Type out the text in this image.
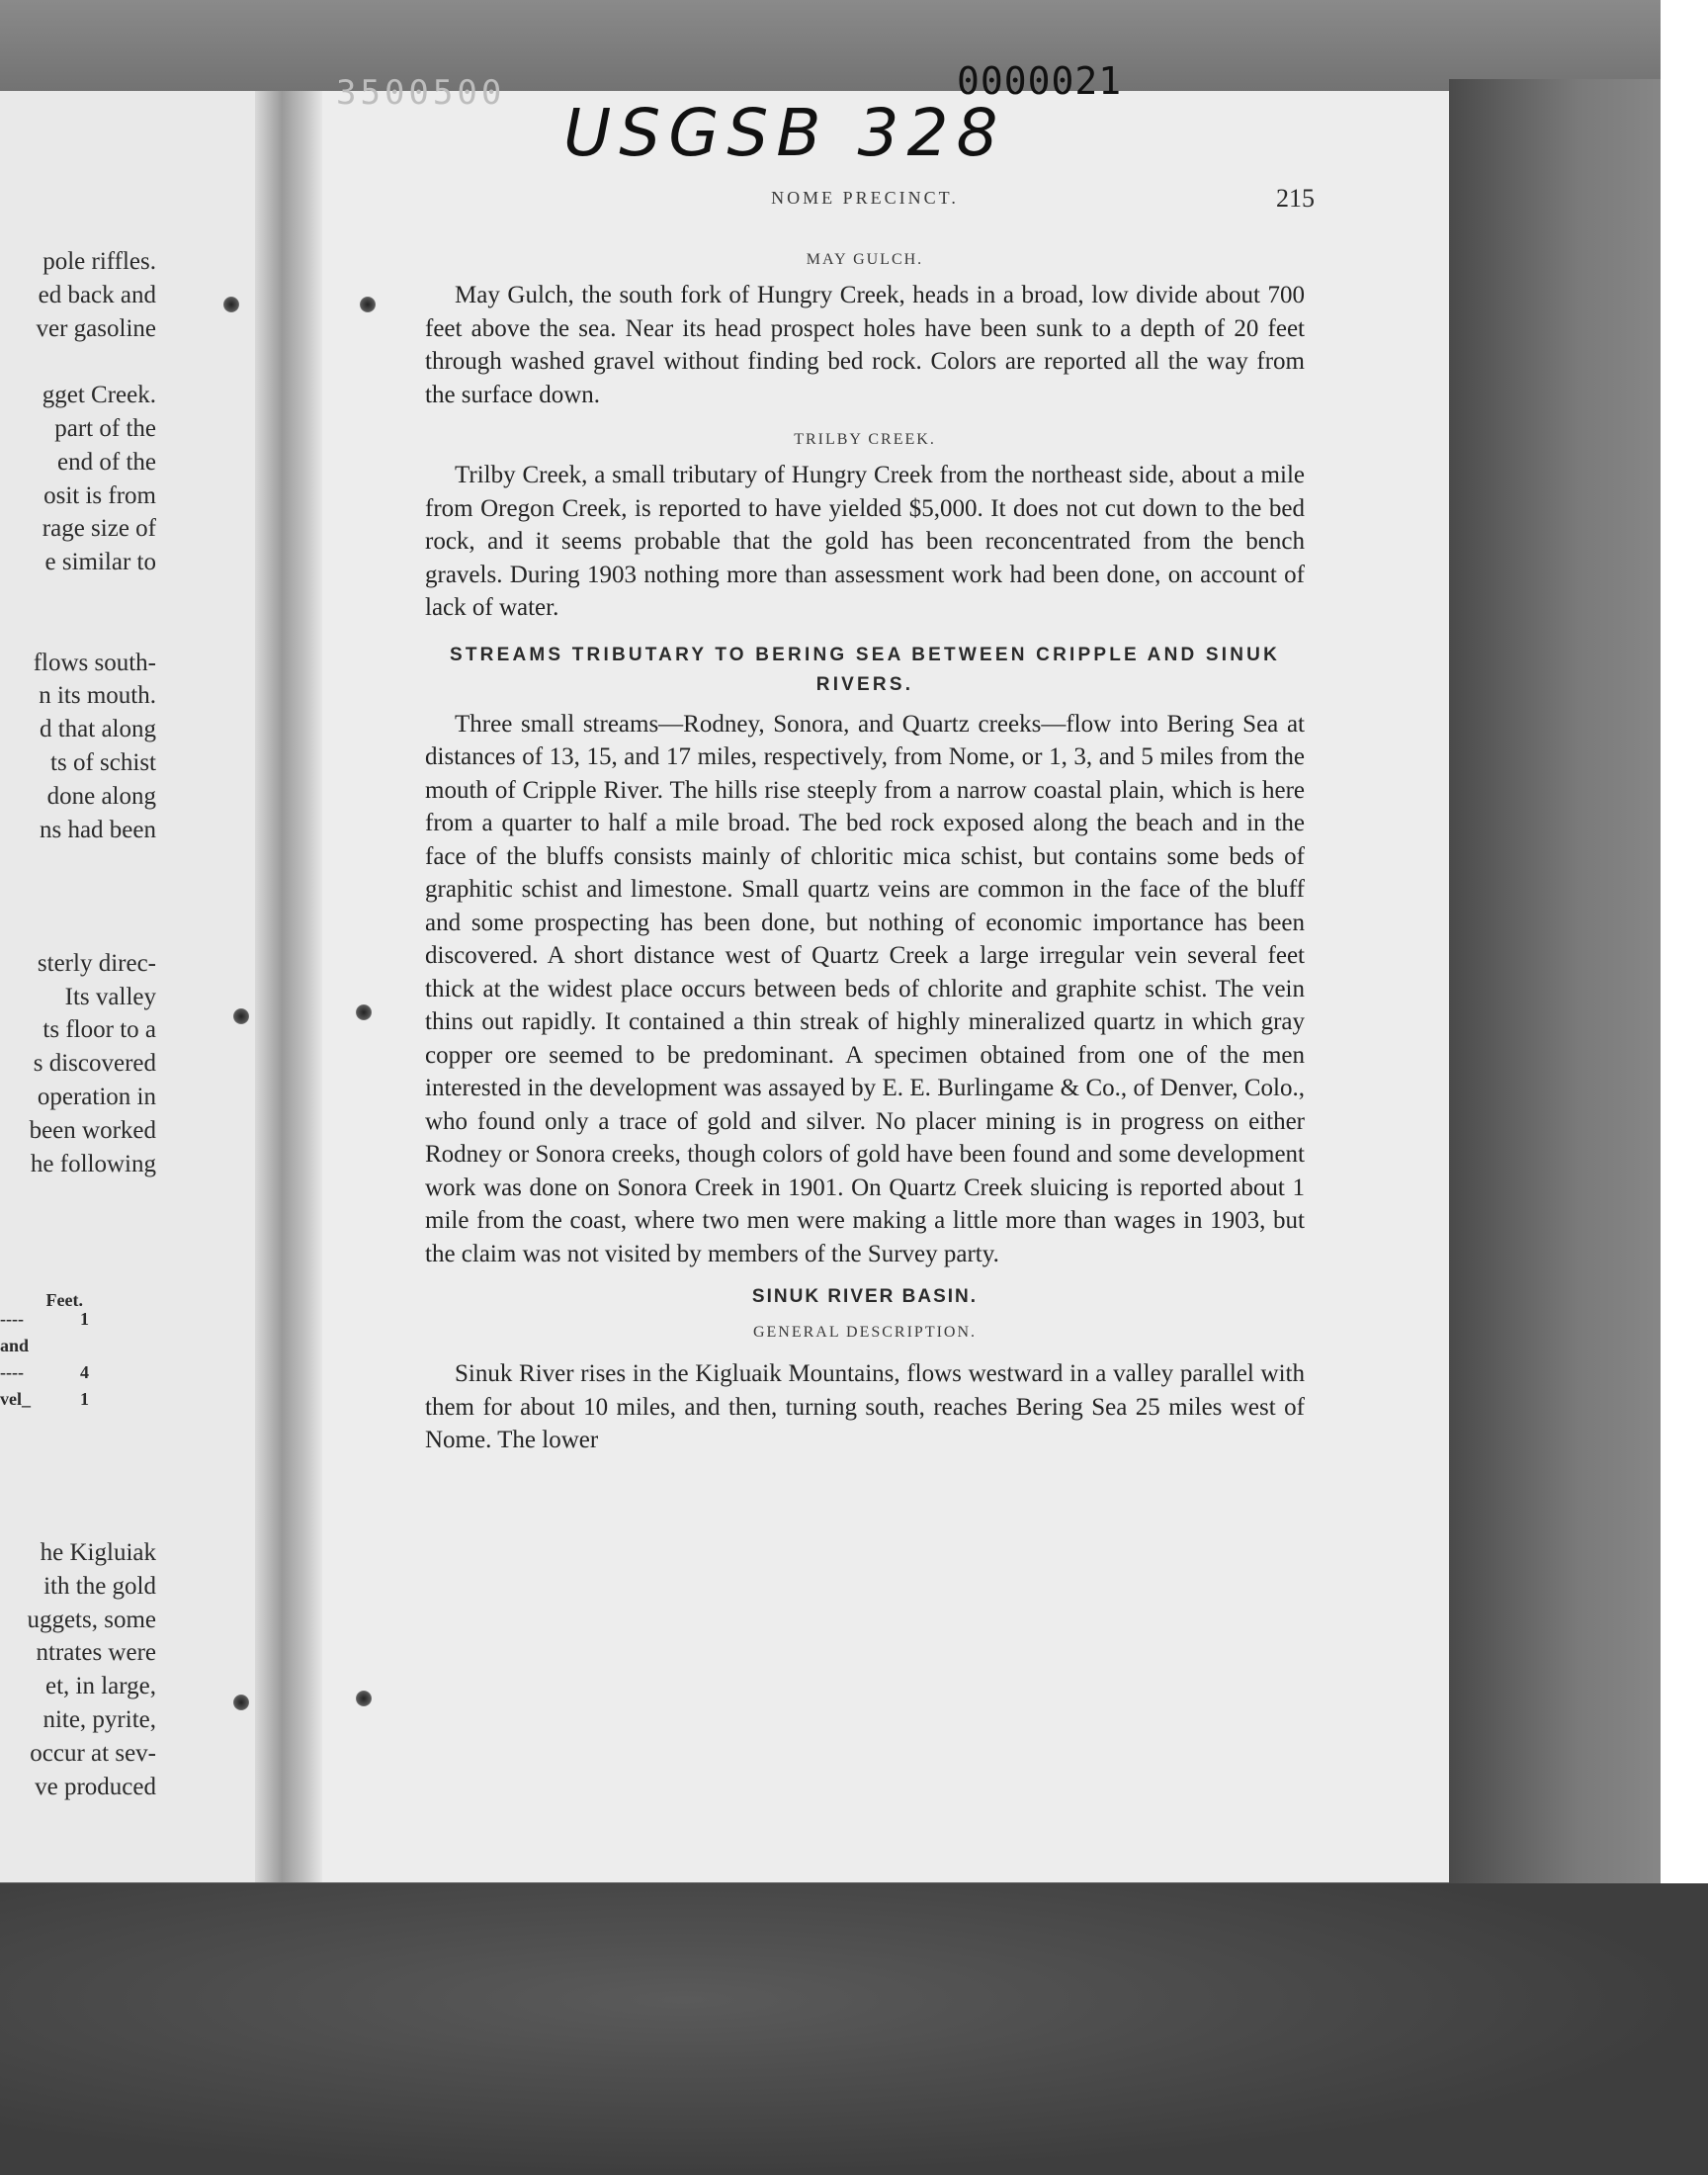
pole riffles.
ed back and
ver gasoline
gget Creek.
part of the
end of the
osit is from
rage size of
e similar to
flows south-
n its mouth.
d that along
ts of schist
done along
ns had been
sterly direc-
Its valley
ts floor to a
s discovered
operation in
been worked
he following
Feet.
----	1
and
----	4
vel_	1
he Kigluiak
ith the gold
uggets, some
ntrates were
et, in large,
nite, pyrite,
occur at sev-
ve produced
3500500	0000021
USGSB 328
NOME PRECINCT.	215
MAY GULCH.

May Gulch, the south fork of Hungry Creek, heads in a broad, low divide about 700 feet above the sea. Near its head prospect holes have been sunk to a depth of 20 feet through washed gravel without finding bed rock. Colors are reported all the way from the surface down.

TRILBY CREEK.

Trilby Creek, a small tributary of Hungry Creek from the northeast side, about a mile from Oregon Creek, is reported to have yielded $5,000. It does not cut down to the bed rock, and it seems probable that the gold has been reconcentrated from the bench gravels. During 1903 nothing more than assessment work had been done, on account of lack of water.

STREAMS TRIBUTARY TO BERING SEA BETWEEN CRIPPLE AND SINUK RIVERS.

Three small streams—Rodney, Sonora, and Quartz creeks—flow into Bering Sea at distances of 13, 15, and 17 miles, respectively, from Nome, or 1, 3, and 5 miles from the mouth of Cripple River. The hills rise steeply from a narrow coastal plain, which is here from a quarter to half a mile broad. The bed rock exposed along the beach and in the face of the bluffs consists mainly of chloritic mica schist, but contains some beds of graphitic schist and limestone. Small quartz veins are common in the face of the bluff and some prospecting has been done, but nothing of economic importance has been discovered. A short distance west of Quartz Creek a large irregular vein several feet thick at the widest place occurs between beds of chlorite and graphite schist. The vein thins out rapidly. It contained a thin streak of highly mineralized quartz in which gray copper ore seemed to be predominant. A specimen obtained from one of the men interested in the development was assayed by E. E. Burlingame & Co., of Denver, Colo., who found only a trace of gold and silver. No placer mining is in progress on either Rodney or Sonora creeks, though colors of gold have been found and some development work was done on Sonora Creek in 1901. On Quartz Creek sluicing is reported about 1 mile from the coast, where two men were making a little more than wages in 1903, but the claim was not visited by members of the Survey party.

SINUK RIVER BASIN.
GENERAL DESCRIPTION.

Sinuk River rises in the Kigluaik Mountains, flows westward in a valley parallel with them for about 10 miles, and then, turning south, reaches Bering Sea 25 miles west of Nome. The lower
